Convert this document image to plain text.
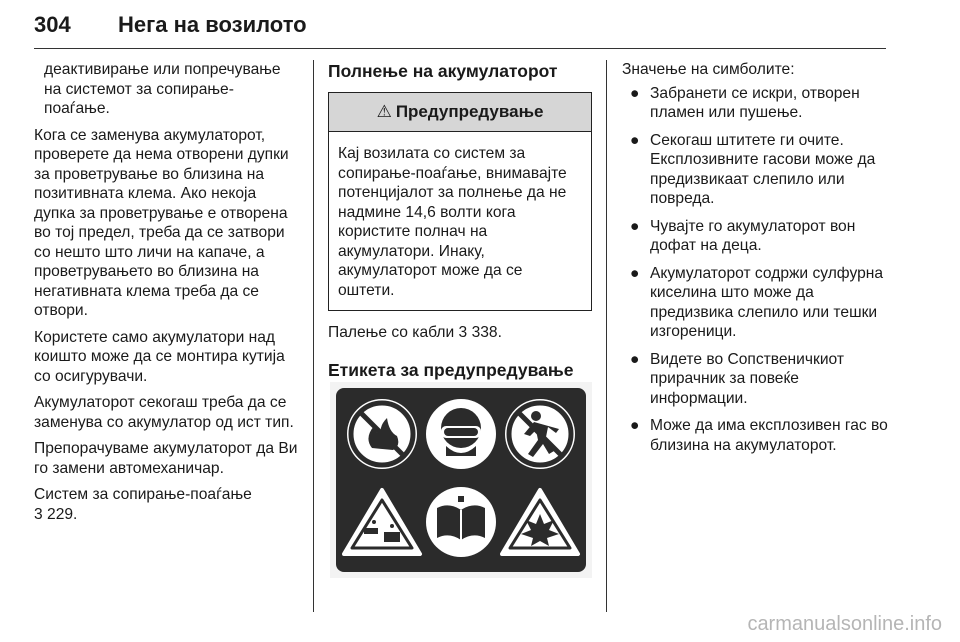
304 Нега на возилото

деактивирање или попречување на системот за сопирање-поаѓање.

Кога се заменува акумулаторот, проверете да нема отворени дупки за проветрување во близина на позитивната клема. Ако некоја дупка за проветрување е отворена во тој предел, треба да се затвори со нешто што личи на капаче, а проветрувањето во близина на негативната клема треба да се отвори.

Користете само акумулатори над коишто може да се монтира кутија со осигурувачи.

Акумулаторот секогаш треба да се заменува со акумулатор од ист тип.

Препорачуваме акумулаторот да Ви го замени автомеханичар.

Систем за сопирање-поаѓање
3 229.

Полнење на акумулаторот
⚠ Предупредување
Кај возилата со систем за сопирање-поаѓање, внимавајте потенцијалот за полнење да не надмине 14,6 волти кога користите полнач на акумулатори. Инаку, акумулаторот може да се оштети.

Палење со кабли 3 338.

Етикета за предупредување

Значење на симболите:

● Забранети се искри, отворен пламен или пушење.
● Секогаш штитете ги очите. Експлозивните гасови може да предизвикаат слепило или повреда.
● Чувајте го акумулаторот вон дофат на деца.
● Акумулаторот содржи сулфурна киселина што може да предизвика слепило или тешки изгореници.
● Видете во Сопственичкиот прирачник за повеќе информации.
● Може да има експлозивен гас во близина на акумулаторот.
carmanualsonline.info
